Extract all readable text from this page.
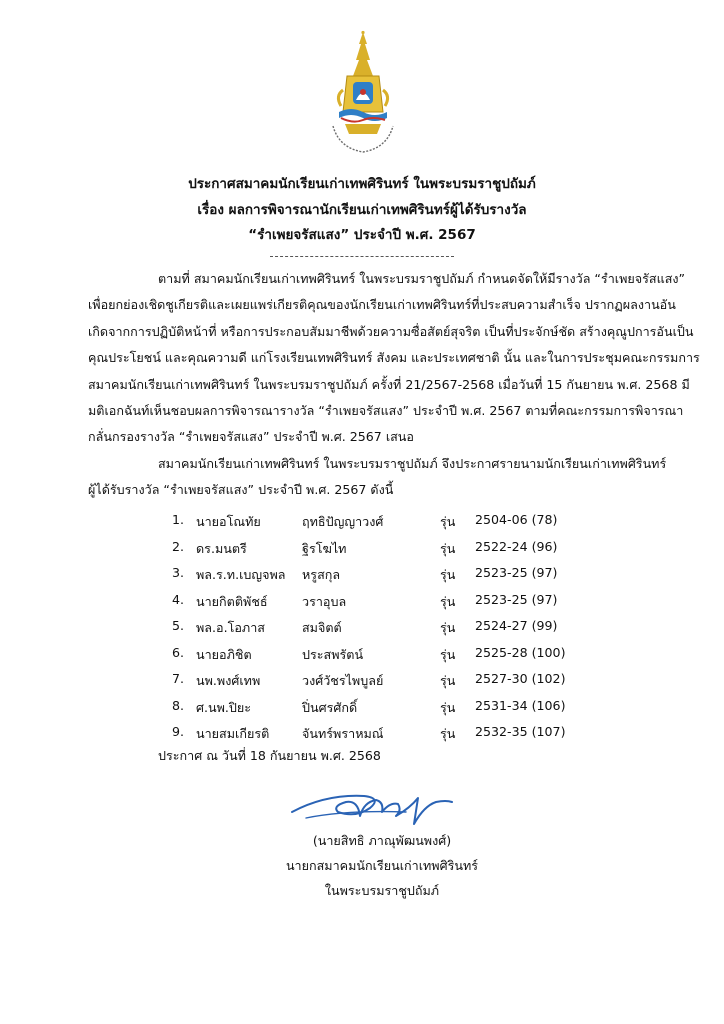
ประกาศสมาคมนักเรียนเก่าเทพศิรินทร์ ในพระบรมราชูปถัมภ์
เรื่อง ผลการพิจารณานักเรียนเก่าเทพศิรินทร์ผู้ได้รับรางวัล
“รำเพยจรัสแสง” ประจำปี พ.ศ. 2567
ตามที่ สมาคมนักเรียนเก่าเทพศิรินทร์ ในพระบรมราชูปถัมภ์ กำหนดจัดให้มีรางวัล “รำเพยจรัสแสง”
เพื่อยกย่องเชิดชูเกียรติและเผยแพร่เกียรติคุณของนักเรียนเก่าเทพศิรินทร์ที่ประสบความสำเร็จ ปรากฏผลงานอัน
เกิดจากการปฏิบัติหน้าที่ หรือการประกอบสัมมาชีพด้วยความซื่อสัตย์สุจริต เป็นที่ประจักษ์ชัด สร้างคุณูปการอันเป็น
คุณประโยชน์ และคุณความดี แก่โรงเรียนเทพศิรินทร์ สังคม และประเทศชาติ นั้น และในการประชุมคณะกรรมการ
สมาคมนักเรียนเก่าเทพศิรินทร์ ในพระบรมราชูปถัมภ์ ครั้งที่ 21/2567-2568 เมื่อวันที่ 15 กันยายน พ.ศ. 2568 มี
มติเอกฉันท์เห็นชอบผลการพิจารณารางวัล “รำเพยจรัสแสง” ประจำปี พ.ศ. 2567 ตามที่คณะกรรมการพิจารณา
กลั่นกรองรางวัล “รำเพยจรัสแสง” ประจำปี พ.ศ. 2567 เสนอ
สมาคมนักเรียนเก่าเทพศิรินทร์ ในพระบรมราชูปถัมภ์ จึงประกาศรายนามนักเรียนเก่าเทพศิรินทร์
ผู้ได้รับรางวัล “รำเพยจรัสแสง” ประจำปี พ.ศ. 2567 ดังนี้
1. นายอโณทัย	ฤทธิปัญญาวงศ์	รุ่น 2504-06 (78)
2. ดร.มนตรี	ฐิรโฆไท	รุ่น 2522-24 (96)
3. พล.ร.ท.เบญจพล หรูสกุล	รุ่น 2523-25 (97)
4. นายกิตติพัชธ์	วราอุบล	รุ่น 2523-25 (97)
5. พล.อ.โอภาส	สมจิตต์	รุ่น 2524-27 (99)
6. นายอภิชิต	ประสพรัตน์	รุ่น 2525-28 (100)
7. นพ.พงศ์เทพ	วงศ์วัชรไพบูลย์	รุ่น 2527-30 (102)
8. ศ.นพ.ปิยะ	ปิ่นศรศักดิ์	รุ่น 2531-34 (106)
9. นายสมเกียรติ	จันทร์พราหมณ์	รุ่น 2532-35 (107)
ประกาศ ณ วันที่ 18 กันยายน พ.ศ. 2568
(นายสิทธิ ภาณุพัฒนพงศ์)
นายกสมาคมนักเรียนเก่าเทพศิรินทร์
ในพระบรมราชูปถัมภ์
